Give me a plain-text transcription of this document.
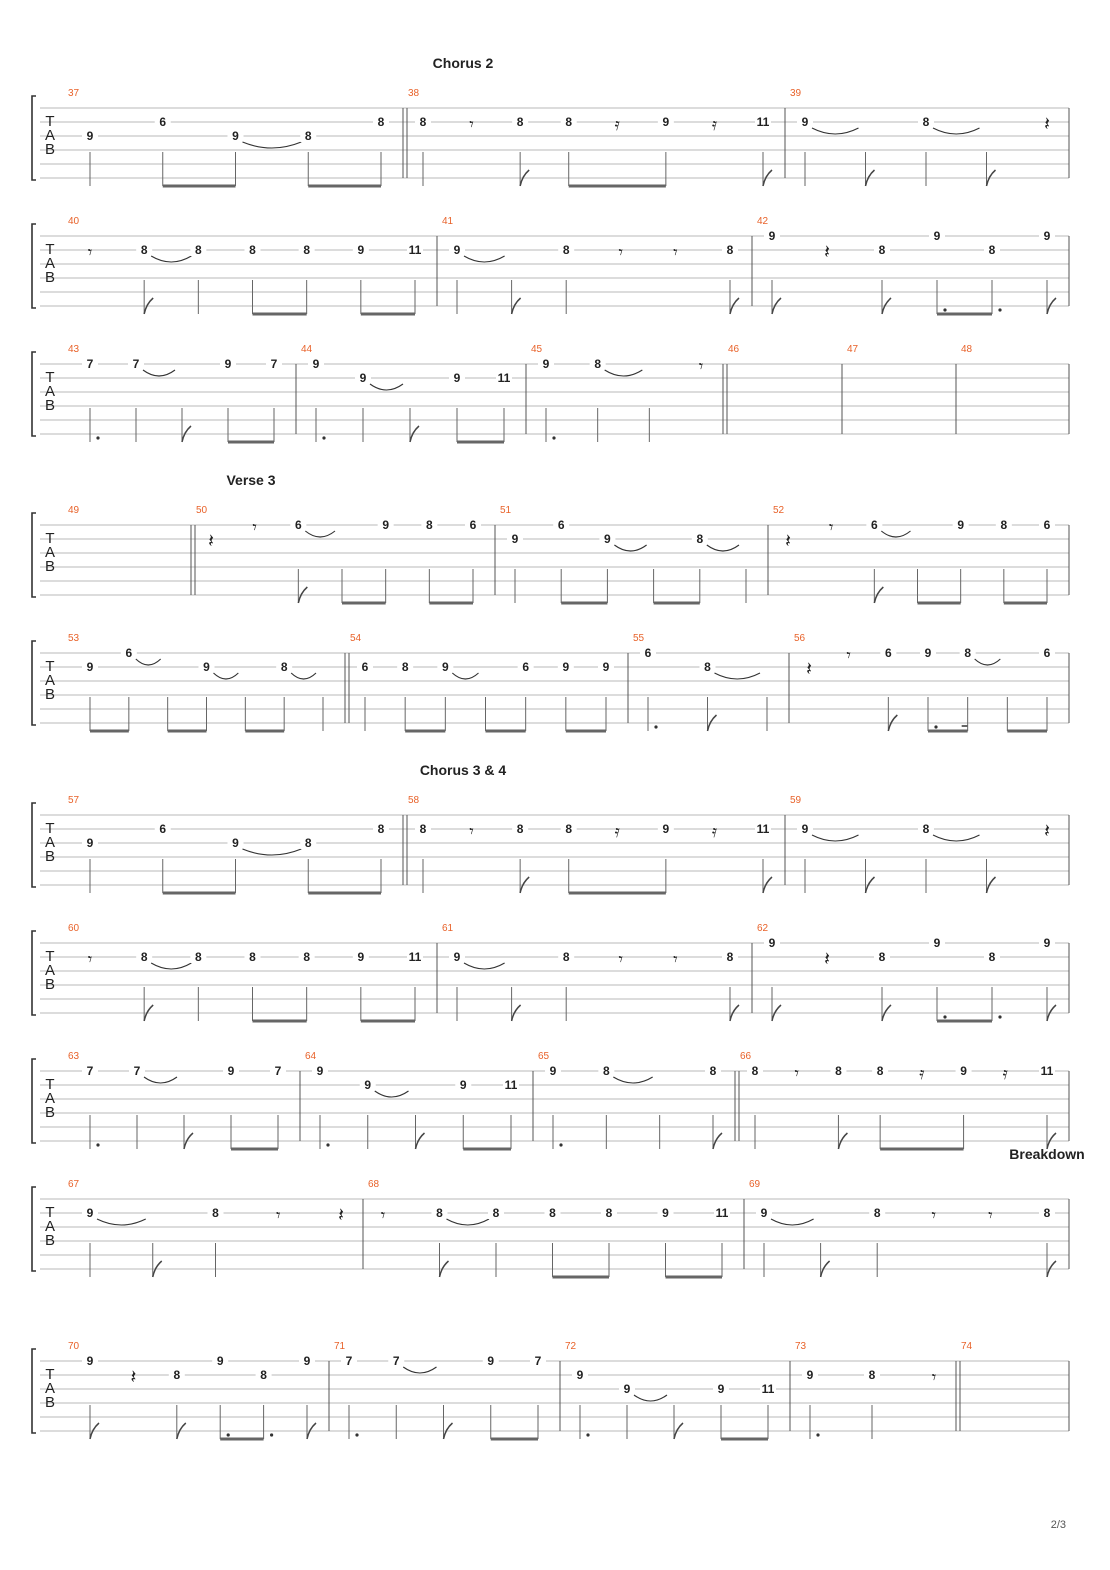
T
A
B
37
9
6
9	8
8
38
8	𝄾	8	8	𝄿	9	𝄿	11
39
9	8	𝄽
T
A
B
40
𝄾	8	8	8	8	9	11
41
9	8	𝄾	𝄾	8
42
9
𝄽	8
9
8
9
T
A
B
43
7	7	9	7
44
9
9	9	11
45
9	8	𝄾
46	47	48
T
A
B
49	50
𝄽
𝄾	6	9	8	6
51
9
6
9	8
52
𝄽
𝄾	6	9	8	6
T
A
B
53
9
6
9	8
54
6	8	9	6	9	9
55
6
8
56
𝄽
𝄾	6	9	8	6
T
A
B
57
9
6
9	8
8
58
8	𝄾	8	8	𝄿	9	𝄿	11
59
9	8	𝄽
T
A
B
60
𝄾	8	8	8	8	9	11
61
9	8	𝄾	𝄾	8
62
9
𝄽	8
9
8
9
T
A
B
63
7	7	9	7
64
9
9	9	11
65
9	8	8
66
8 𝄾	8	8 𝄿	9 𝄿	11
T
A
B
67
9	8	𝄾	𝄽
68
𝄾	8	8	8	8	9	11
69
9	8	𝄾	𝄾	8
T
A
B
70
9
𝄽	8
9
8
9
71
7	7	9	7
72
9
9	9	11
73
9	8	𝄾
74
Chorus 2
Verse 3
Chorus 3 & 4
Breakdown
2/3
